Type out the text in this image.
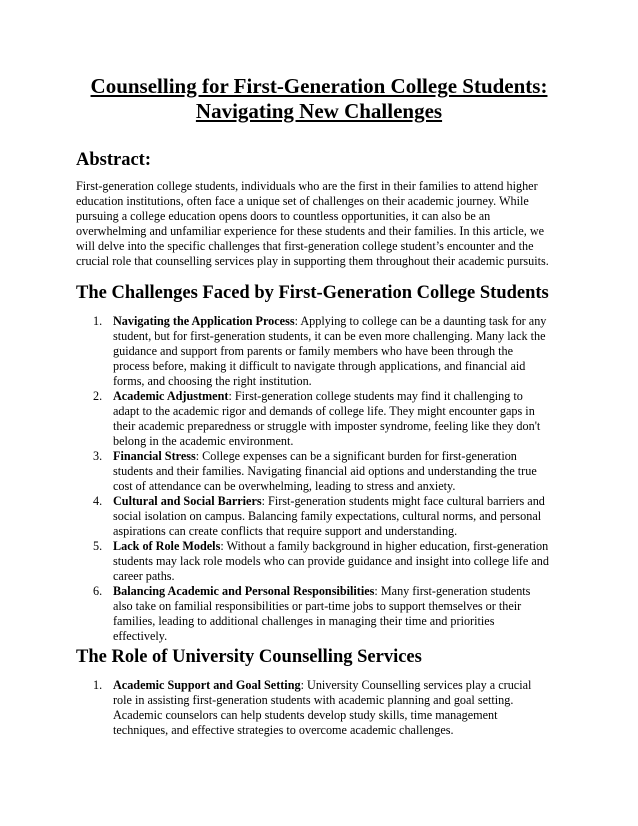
Counselling for First-Generation College Students:
Navigating New Challenges
Abstract:

First-generation college students, individuals who are the first in their families to attend higher
education institutions, often face a unique set of challenges on their academic journey. While
pursuing a college education opens doors to countless opportunities, it can also be an
overwhelming and unfamiliar experience for these students and their families. In this article, we
will delve into the specific challenges that first-generation college student’s encounter and the
crucial role that counselling services play in supporting them throughout their academic pursuits.

The Challenges Faced by First-Generation College Students
1. Navigating the Application Process: Applying to college can be a daunting task for any
student, but for first-generation students, it can be even more challenging. Many lack the
guidance and support from parents or family members who have been through the
process before, making it difficult to navigate through applications, and financial aid
forms, and choosing the right institution.
2. Academic Adjustment: First-generation college students may find it challenging to
adapt to the academic rigor and demands of college life. They might encounter gaps in
their academic preparedness or struggle with imposter syndrome, feeling like they don't
belong in the academic environment.
3. Financial Stress: College expenses can be a significant burden for first-generation
students and their families. Navigating financial aid options and understanding the true
cost of attendance can be overwhelming, leading to stress and anxiety.
4. Cultural and Social Barriers: First-generation students might face cultural barriers and
social isolation on campus. Balancing family expectations, cultural norms, and personal
aspirations can create conflicts that require support and understanding.
5. Lack of Role Models: Without a family background in higher education, first-generation
students may lack role models who can provide guidance and insight into college life and
career paths.
6. Balancing Academic and Personal Responsibilities: Many first-generation students
also take on familial responsibilities or part-time jobs to support themselves or their
families, leading to additional challenges in managing their time and priorities
effectively.
The Role of University Counselling Services
1. Academic Support and Goal Setting: University Counselling services play a crucial
role in assisting first-generation students with academic planning and goal setting.
Academic counselors can help students develop study skills, time management
techniques, and effective strategies to overcome academic challenges.
